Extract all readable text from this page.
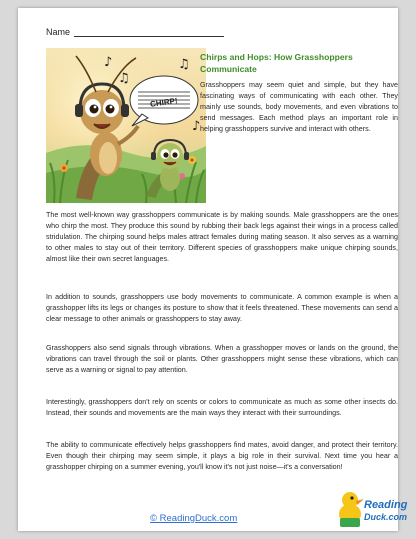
Name
CHIRP!
♪	♫
♪
♫
Chirps and Hops: How Grasshoppers Communicate

Grasshoppers may seem quiet and simple, but they have fascinating ways of communicating with each other. They mainly use sounds, body movements, and even vibrations to send messages. Each method plays an important role in helping grasshoppers survive and interact with others.

The most well-known way grasshoppers communicate is by making sounds. Male grasshoppers are the ones who chirp the most. They produce this sound by rubbing their back legs against their wings in a process called stridulation. The chirping sound helps males attract females during mating season. It also serves as a warning to other males to stay out of their territory. Different species of grasshoppers make unique chirping sounds, almost like their own secret languages.

In addition to sounds, grasshoppers use body movements to communicate. A common example is when a grasshopper lifts its legs or changes its posture to show that it feels threatened. These movements can send a clear message to other animals or grasshoppers to stay away.

Grasshoppers also send signals through vibrations. When a grasshopper moves or lands on the ground, the vibrations can travel through the soil or plants. Other grasshoppers might sense these vibrations, which can serve as a warning or signal to pay attention.

Interestingly, grasshoppers don't rely on scents or colors to communicate as much as some other insects do. Instead, their sounds and movements are the main ways they interact with their surroundings.

The ability to communicate effectively helps grasshoppers find mates, avoid danger, and protect their territory. Even though their chirping may seem simple, it plays a big role in their survival. Next time you hear a grasshopper chirping on a summer evening, you'll know it's not just noise—it's a conversation!

© ReadingDuck.com
Reading
Duck.com
